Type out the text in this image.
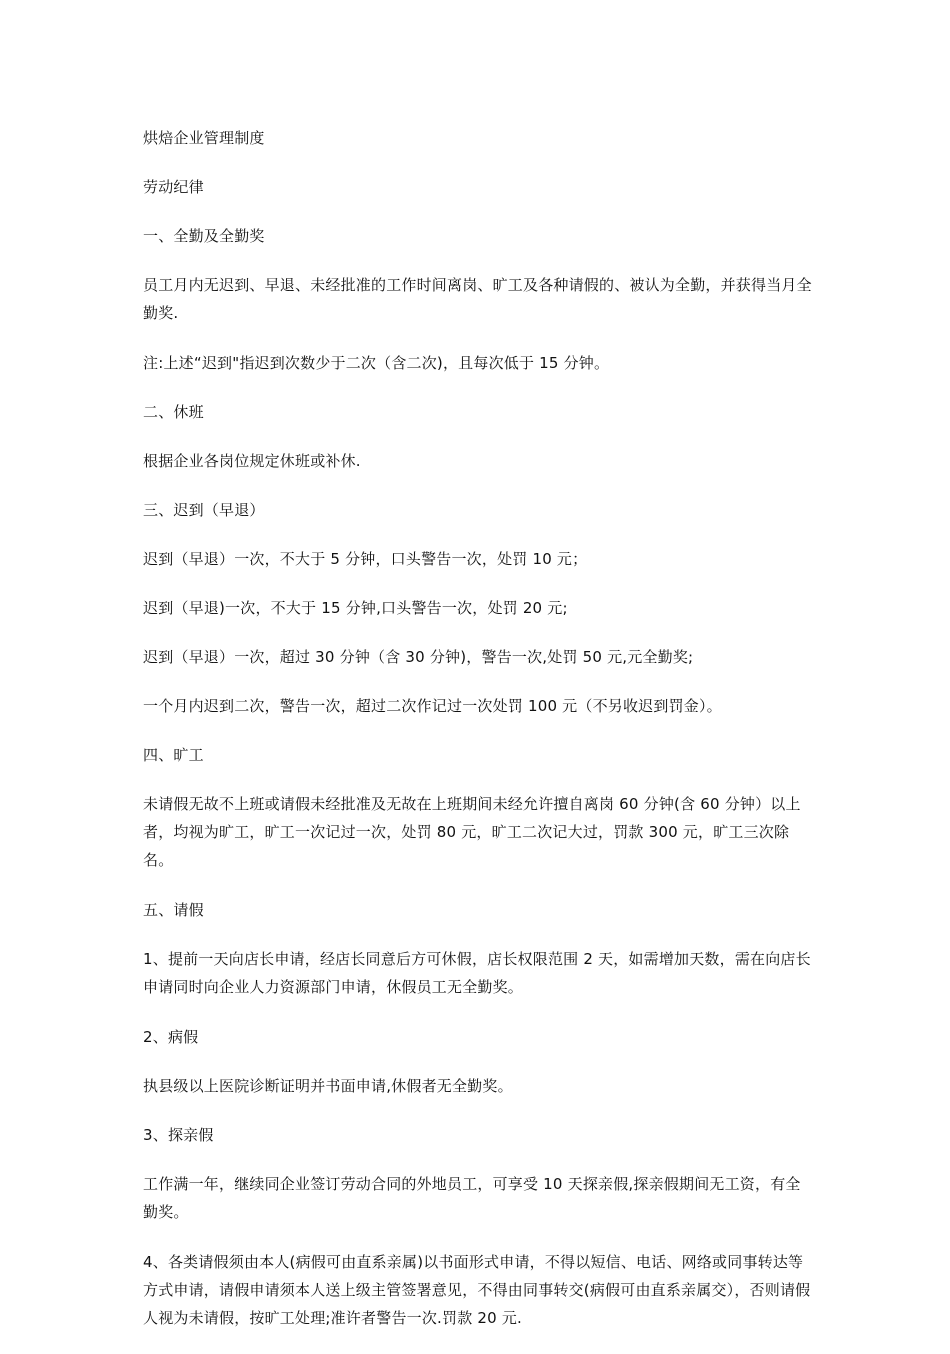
烘焙企业管理制度

劳动纪律

一、全勤及全勤奖

员工月内无迟到、早退、未经批准的工作时间离岗、旷工及各种请假的、被认为全勤，并获得当月全勤奖.

注:上述“迟到"指迟到次数少于二次（含二次)，且每次低于 15 分钟。

二、休班

根据企业各岗位规定休班或补休.

三、迟到（早退）

迟到（早退）一次，不大于 5 分钟，口头警告一次，处罚 10 元；

迟到（早退)一次，不大于 15 分钟,口头警告一次，处罚 20 元;

迟到（早退）一次，超过 30 分钟（含 30 分钟)，警告一次,处罚 50 元,元全勤奖;

一个月内迟到二次，警告一次，超过二次作记过一次处罚 100 元（不另收迟到罚金）。

四、旷工

未请假无故不上班或请假未经批准及无故在上班期间未经允许擅自离岗 60 分钟(含 60 分钟）以上者，均视为旷工，旷工一次记过一次，处罚 80 元，旷工二次记大过，罚款 300 元，旷工三次除名。

五、请假

1、提前一天向店长申请，经店长同意后方可休假，店长权限范围 2 天，如需增加天数，需在向店长申请同时向企业人力资源部门申请，休假员工无全勤奖。

2、病假

执县级以上医院诊断证明并书面申请,休假者无全勤奖。

3、探亲假

工作满一年，继续同企业签订劳动合同的外地员工，可享受 10 天探亲假,探亲假期间无工资，有全勤奖。

4、各类请假须由本人(病假可由直系亲属)以书面形式申请，不得以短信、电话、网络或同事转达等方式申请，请假申请须本人送上级主管签署意见，不得由同事转交(病假可由直系亲属交），否则请假人视为未请假，按旷工处理;准许者警告一次.罚款 20 元.
